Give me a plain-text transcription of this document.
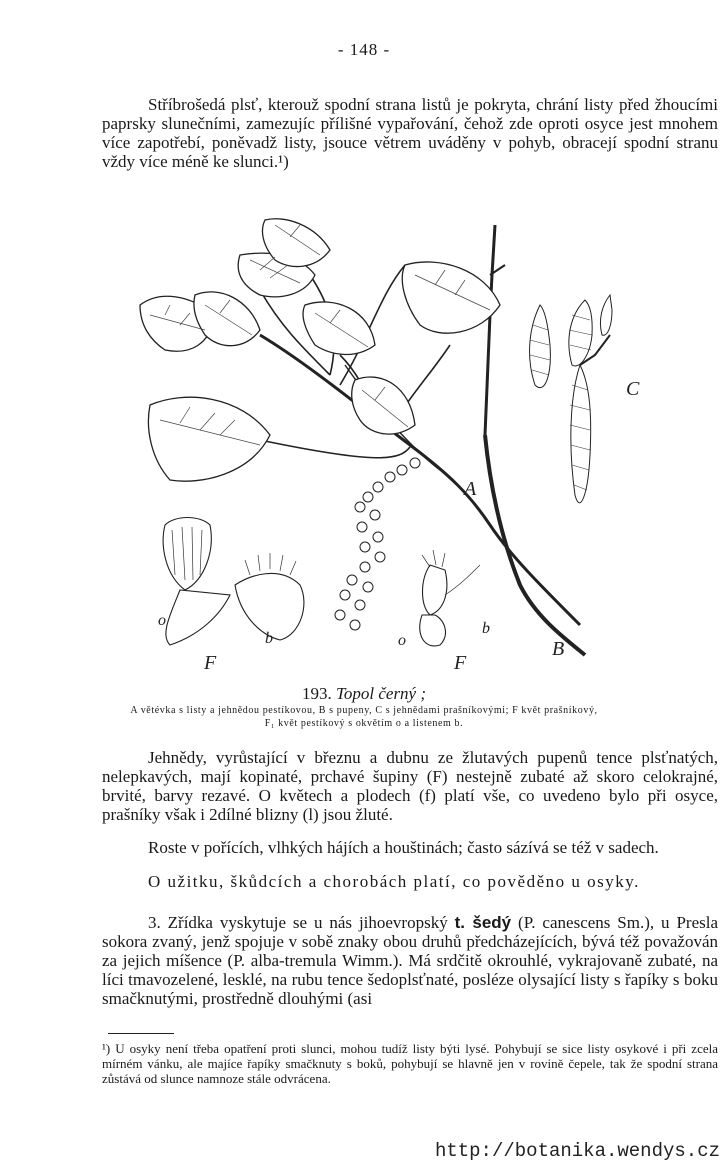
- 148 -

Stříbrošedá plsť, kterouž spodní strana listů je pokryta, chrání listy před žhoucími paprsky slunečními, zamezujíc přílišné vypařování, čehož zde oproti osyce jest mnohem více zapotřebí, poněvadž listy, jsouce větrem uváděny v pohyb, obracejí spodní stranu vždy více méně ke slunci.¹)

A
B
C
F	F
o
o
b
b
193. Topol černý ;
A větévka s listy a jehnědou pestíkovou, B s pupeny, C s jehnědami prašníkovými; F květ prašníkový,
F₁ květ pestíkový s okvětím o a listenem b.

Jehnědy, vyrůstající v březnu a dubnu ze žlutavých pupenů tence plsťnatých, nelepkavých, mají kopinaté, prchavé šupiny (F) nestejně zubaté až skoro celokrajné, brvité, barvy rezavé. O květech a plodech (f) platí vše, co uvedeno bylo při osyce, prašníky však i 2dílné blizny (l) jsou žluté.

Roste v pořících, vlhkých hájích a houštinách; často sázívá se též v sadech.

O užitku, škůdcích a chorobách platí, co pověděno u osyky.

3. Zřídka vyskytuje se u nás jihoevropský t. šedý (P. canescens Sm.), u Presla sokora zvaný, jenž spojuje v sobě znaky obou druhů předcházejících, bývá též považován za jejich míšence (P. alba-tremula Wimm.). Má srdčitě okrouhlé, vykrajovaně zubaté, na líci tmavozelené, lesklé, na rubu tence šedoplsťnaté, posléze olysající listy s řapíky s boku smačknutými, prostředně dlouhými (asi

¹) U osyky není třeba opatření proti slunci, mohou tudíž listy býti lysé. Pohybují se sice listy osykové i při zcela mírném vánku, ale majíce řapíky smačknuty s boků, pohybují se hlavně jen v rovině čepele, tak že spodní strana zůstává od slunce namnoze stále odvrácena.

http://botanika.wendys.cz
